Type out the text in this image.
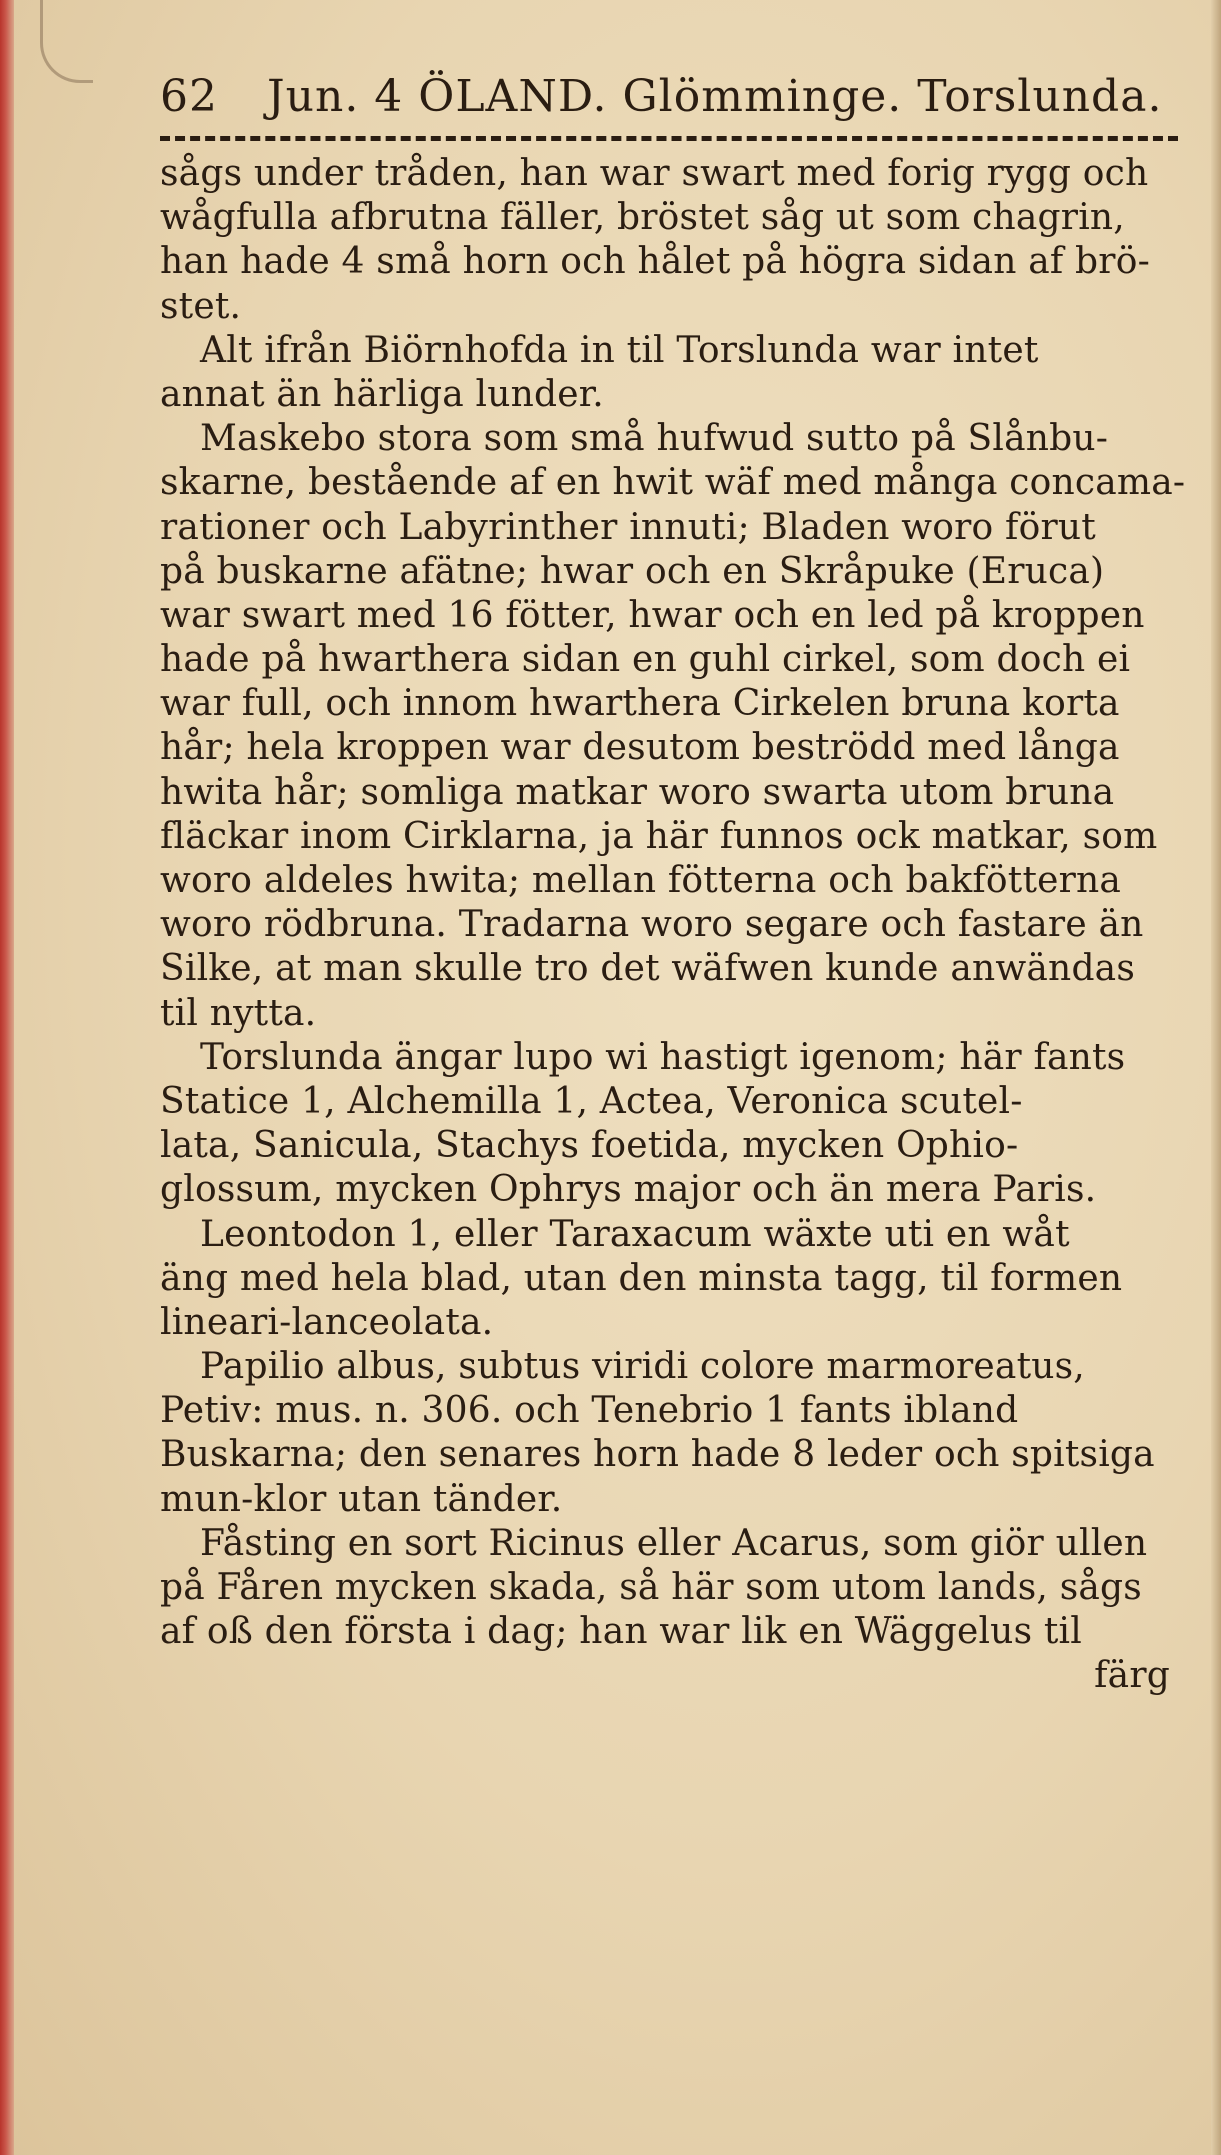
62 Jun. 4 ÖLAND. Glömminge. Torslunda.
sågs under tråden, han war swart med forig rygg och
wågfulla afbrutna fäller, bröstet såg ut som chagrin,
han hade 4 små horn och hålet på högra sidan af brö-
stet.
Alt ifrån Biörnhofda in til Torslunda war intet
annat än härliga lunder.
Maskebo stora som små hufwud sutto på Slånbu-
skarne, bestående af en hwit wäf med många concama-
rationer och Labyrinther innuti; Bladen woro förut
på buskarne afätne; hwar och en Skråpuke (Eruca)
war swart med 16 fötter, hwar och en led på kroppen
hade på hwarthera sidan en guhl cirkel, som doch ei
war full, och innom hwarthera Cirkelen bruna korta
hår; hela kroppen war desutom beströdd med långa
hwita hår; somliga matkar woro swarta utom bruna
fläckar inom Cirklarna, ja här funnos ock matkar, som
woro aldeles hwita; mellan fötterna och bakfötterna
woro rödbruna. Tradarna woro segare och fastare än
Silke, at man skulle tro det wäfwen kunde anwändas
til nytta.
Torslunda ängar lupo wi hastigt igenom; här fants
Statice 1, Alchemilla 1, Actea, Veronica scutel-
lata, Sanicula, Stachys foetida, mycken Ophio-
glossum, mycken Ophrys major och än mera Paris.
Leontodon 1, eller Taraxacum wäxte uti en wåt
äng med hela blad, utan den minsta tagg, til formen
lineari-lanceolata.
Papilio albus, subtus viridi colore marmoreatus,
Petiv: mus. n. 306. och Tenebrio 1 fants ibland
Buskarna; den senares horn hade 8 leder och spitsiga
mun-klor utan tänder.
Fåsting en sort Ricinus eller Acarus, som giör ullen
på Fåren mycken skada, så här som utom lands, sågs
af oß den första i dag; han war lik en Wäggelus til
färg
